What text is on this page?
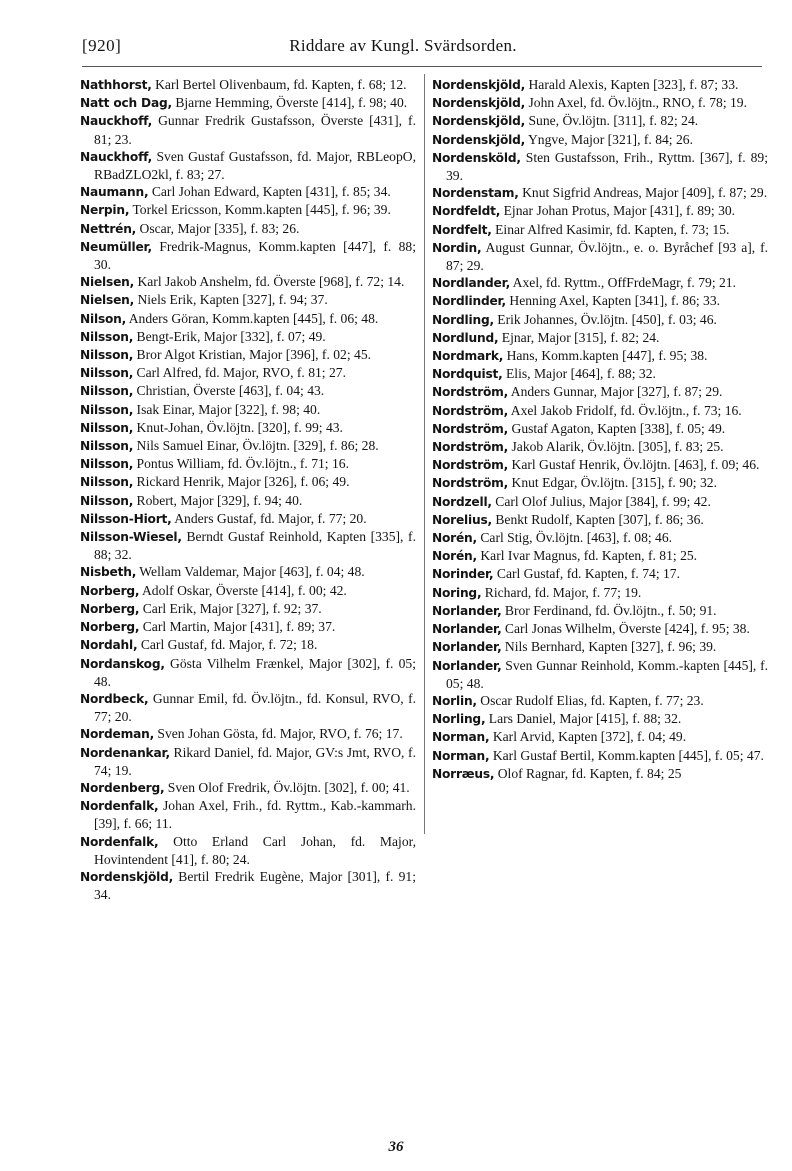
[920]	Riddare av Kungl. Svärdsorden.

Nathhorst, Karl Bertel Olivenbaum, fd. Kapten, f. 68; 12.

Natt och Dag, Bjarne Hemming, Överste [414], f. 98; 40.

Nauckhoff, Gunnar Fredrik Gustafsson, Överste [431], f. 81; 23.

Nauckhoff, Sven Gustaf Gustafsson, fd. Major, RBLeopO, RBadZLO2kl, f. 83; 27.

Naumann, Carl Johan Edward, Kapten [431], f. 85; 34.

Nerpin, Torkel Ericsson, Komm.kapten [445], f. 96; 39.

Nettrén, Oscar, Major [335], f. 83; 26.

Neumüller, Fredrik-Magnus, Komm.kapten [447], f. 88; 30.

Nielsen, Karl Jakob Anshelm, fd. Överste [968], f. 72; 14.

Nielsen, Niels Erik, Kapten [327], f. 94; 37.

Nilson, Anders Göran, Komm.kapten [445], f. 06; 48.

Nilsson, Bengt-Erik, Major [332], f. 07; 49.

Nilsson, Bror Algot Kristian, Major [396], f. 02; 45.

Nilsson, Carl Alfred, fd. Major, RVO, f. 81; 27.

Nilsson, Christian, Överste [463], f. 04; 43.

Nilsson, Isak Einar, Major [322], f. 98; 40.

Nilsson, Knut-Johan, Öv.löjtn. [320], f. 99; 43.

Nilsson, Nils Samuel Einar, Öv.löjtn. [329], f. 86; 28.

Nilsson, Pontus William, fd. Öv.löjtn., f. 71; 16.

Nilsson, Rickard Henrik, Major [326], f. 06; 49.

Nilsson, Robert, Major [329], f. 94; 40.

Nilsson-Hiort, Anders Gustaf, fd. Major, f. 77; 20.

Nilsson-Wiesel, Berndt Gustaf Reinhold, Kapten [335], f. 88; 32.

Nisbeth, Wellam Valdemar, Major [463], f. 04; 48.

Norberg, Adolf Oskar, Överste [414], f. 00; 42.

Norberg, Carl Erik, Major [327], f. 92; 37.

Norberg, Carl Martin, Major [431], f. 89; 37.

Nordahl, Carl Gustaf, fd. Major, f. 72; 18.

Nordanskog, Gösta Vilhelm Frænkel, Major [302], f. 05; 48.

Nordbeck, Gunnar Emil, fd. Öv.löjtn., fd. Konsul, RVO, f. 77; 20.

Nordeman, Sven Johan Gösta, fd. Major, RVO, f. 76; 17.

Nordenankar, Rikard Daniel, fd. Major, GV:s Jmt, RVO, f. 74; 19.

Nordenberg, Sven Olof Fredrik, Öv.löjtn. [302], f. 00; 41.

Nordenfalk, Johan Axel, Frih., fd. Ryttm., Kab.-kammarh. [39], f. 66; 11.

Nordenfalk, Otto Erland Carl Johan, fd. Major, Hovintendent [41], f. 80; 24.

Nordenskjöld, Bertil Fredrik Eugène, Major [301], f. 91; 34.

Nordenskjöld, Harald Alexis, Kapten [323], f. 87; 33.

Nordenskjöld, John Axel, fd. Öv.löjtn., RNO, f. 78; 19.

Nordenskjöld, Sune, Öv.löjtn. [311], f. 82; 24.

Nordenskjöld, Yngve, Major [321], f. 84; 26.

Nordensköld, Sten Gustafsson, Frih., Ryttm. [367], f. 89; 39.

Nordenstam, Knut Sigfrid Andreas, Major [409], f. 87; 29.

Nordfeldt, Ejnar Johan Protus, Major [431], f. 89; 30.

Nordfelt, Einar Alfred Kasimir, fd. Kapten, f. 73; 15.

Nordin, August Gunnar, Öv.löjtn., e. o. Byråchef [93 a], f. 87; 29.

Nordlander, Axel, fd. Ryttm., OffFrdeMagr, f. 79; 21.

Nordlinder, Henning Axel, Kapten [341], f. 86; 33.

Nordling, Erik Johannes, Öv.löjtn. [450], f. 03; 46.

Nordlund, Ejnar, Major [315], f. 82; 24.

Nordmark, Hans, Komm.kapten [447], f. 95; 38.

Nordquist, Elis, Major [464], f. 88; 32.

Nordström, Anders Gunnar, Major [327], f. 87; 29.

Nordström, Axel Jakob Fridolf, fd. Öv.löjtn., f. 73; 16.

Nordström, Gustaf Agaton, Kapten [338], f. 05; 49.

Nordström, Jakob Alarik, Öv.löjtn. [305], f. 83; 25.

Nordström, Karl Gustaf Henrik, Öv.löjtn. [463], f. 09; 46.

Nordström, Knut Edgar, Öv.löjtn. [315], f. 90; 32.

Nordzell, Carl Olof Julius, Major [384], f. 99; 42.

Norelius, Benkt Rudolf, Kapten [307], f. 86; 36.

Norén, Carl Stig, Öv.löjtn. [463], f. 08; 46.

Norén, Karl Ivar Magnus, fd. Kapten, f. 81; 25.

Norinder, Carl Gustaf, fd. Kapten, f. 74; 17.

Noring, Richard, fd. Major, f. 77; 19.

Norlander, Bror Ferdinand, fd. Öv.löjtn., f. 50; 91.

Norlander, Carl Jonas Wilhelm, Överste [424], f. 95; 38.

Norlander, Nils Bernhard, Kapten [327], f. 96; 39.

Norlander, Sven Gunnar Reinhold, Komm.-kapten [445], f. 05; 48.

Norlin, Oscar Rudolf Elias, fd. Kapten, f. 77; 23.

Norling, Lars Daniel, Major [415], f. 88; 32.

Norman, Karl Arvid, Kapten [372], f. 04; 49.

Norman, Karl Gustaf Bertil, Komm.kapten [445], f. 05; 47.

Norræus, Olof Ragnar, fd. Kapten, f. 84; 25

36
